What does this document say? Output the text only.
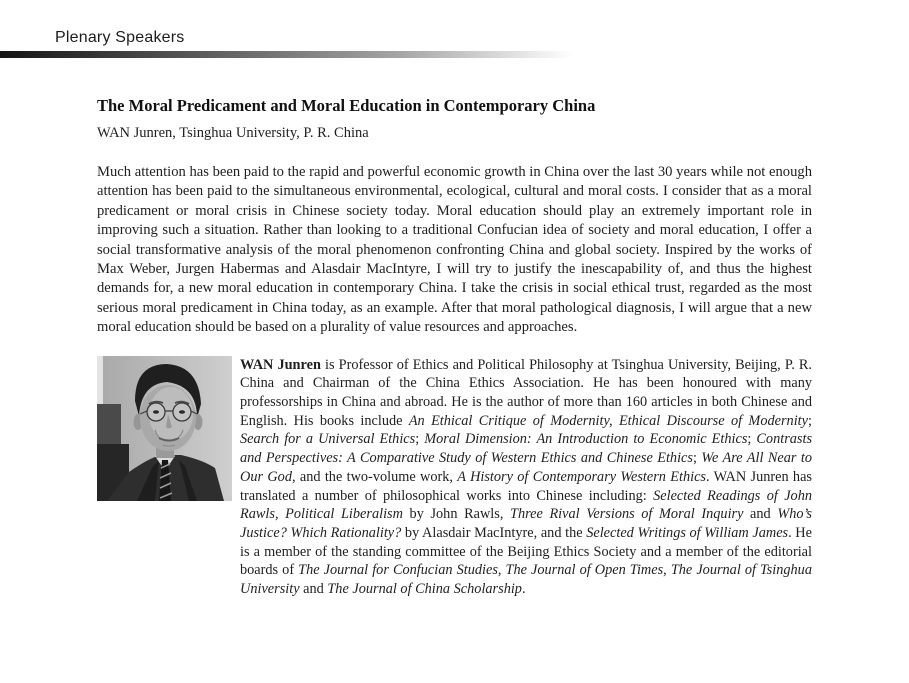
Plenary Speakers
The Moral Predicament and Moral Education in Contemporary China
WAN Junren, Tsinghua University, P. R. China

Much attention has been paid to the rapid and powerful economic growth in China over the last 30 years while not enough attention has been paid to the simultaneous environmental, ecological, cultural and moral costs. I consider that as a moral predicament or moral crisis in Chinese society today. Moral education should play an extremely important role in improving such a situation. Rather than looking to a traditional Confucian idea of society and moral education, I offer a social transformative analysis of the moral phenomenon confronting China and global society. Inspired by the works of Max Weber, Jurgen Habermas and Alasdair MacIntyre, I will try to justify the inescapability of, and thus the highest demands for, a new moral education in contemporary China. I take the crisis in social ethical trust, regarded as the most serious moral predicament in China today, as an example. After that moral pathological diagnosis, I will argue that a new moral education should be based on a plurality of value resources and approaches.

WAN Junren is Professor of Ethics and Political Philosophy at Tsinghua University, Beijing, P. R. China and Chairman of the China Ethics Association. He has been honoured with many professorships in China and abroad. He is the author of more than 160 articles in both Chinese and English. His books include An Ethical Critique of Modernity, Ethical Discourse of Modernity; Search for a Universal Ethics; Moral Dimension: An Introduction to Economic Ethics; Contrasts and Perspectives: A Comparative Study of Western Ethics and Chinese Ethics; We Are All Near to Our God, and the two-volume work, A History of Contemporary Western Ethics. WAN Junren has translated a number of philosophical works into Chinese including: Selected Readings of John Rawls, Political Liberalism by John Rawls, Three Rival Versions of Moral Inquiry and Who’s Justice? Which Rationality? by Alasdair MacIntyre, and the Selected Writings of William James. He is a member of the standing committee of the Beijing Ethics Society and a member of the editorial boards of The Journal for Confucian Studies, The Journal of Open Times, The Journal of Tsinghua University and The Journal of China Scholarship.
